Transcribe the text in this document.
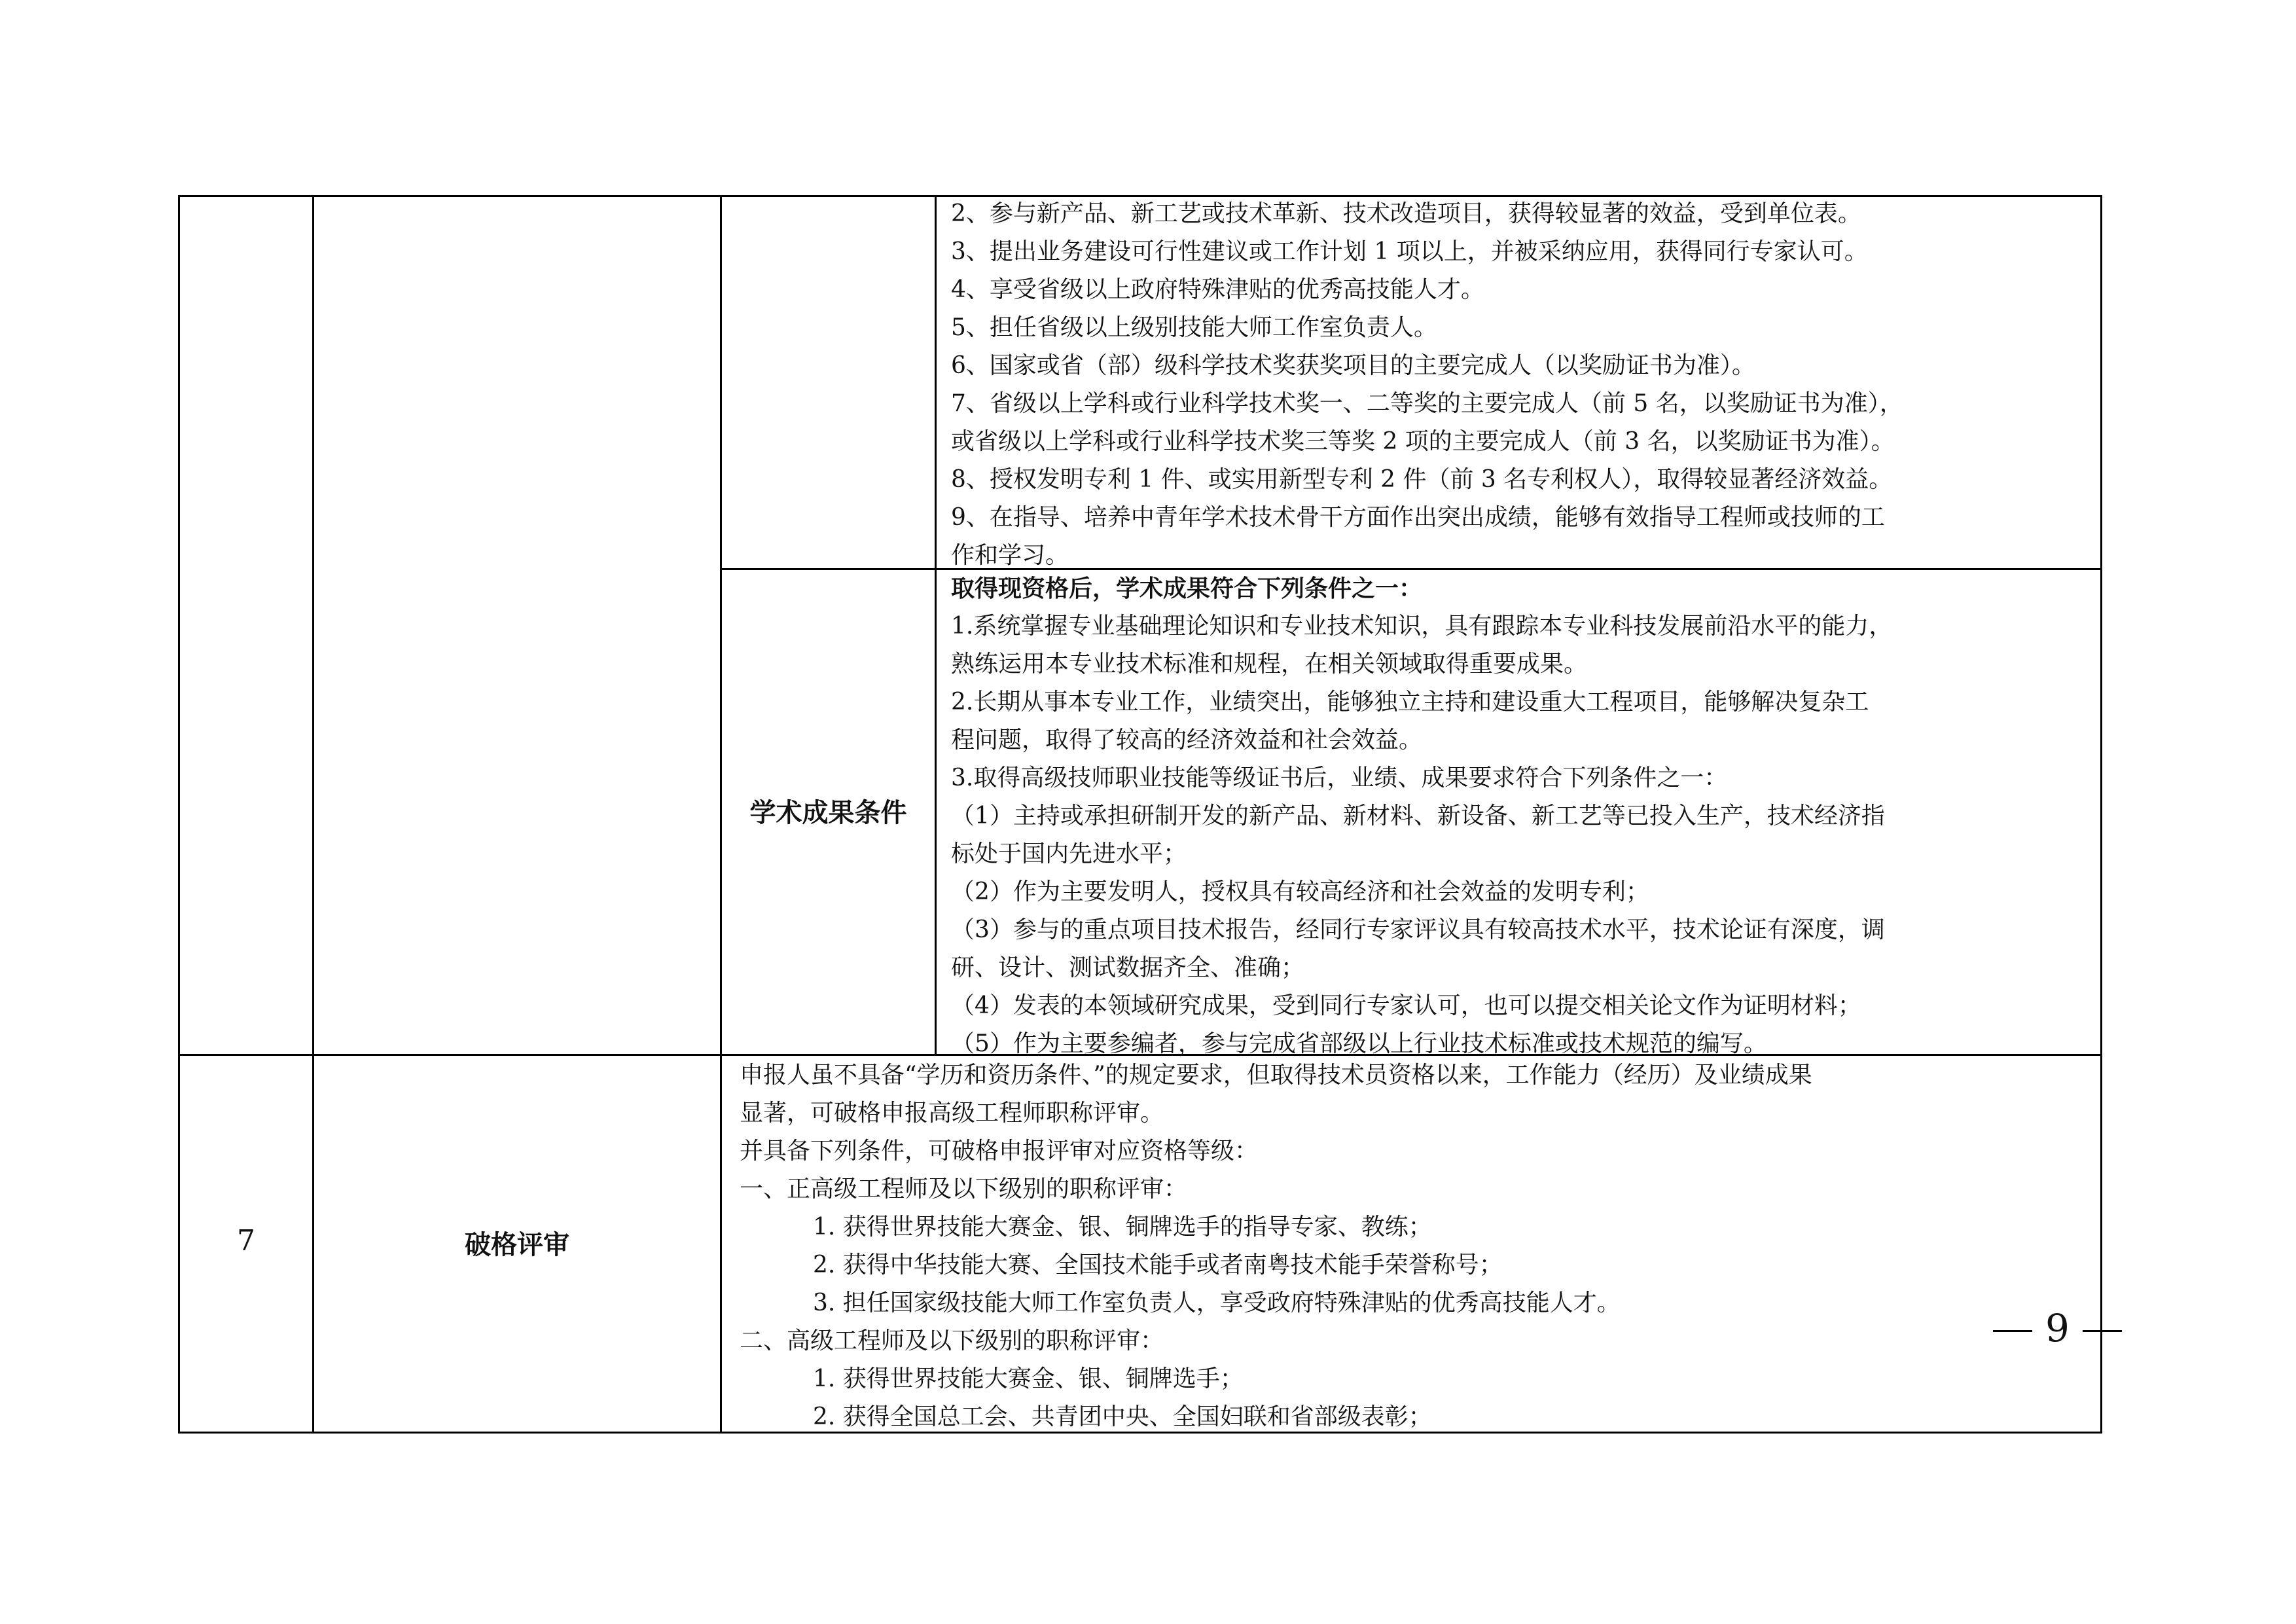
2、参与新产品、新工艺或技术革新、技术改造项目，获得较显著的效益，受到单位表。

3、提出业务建设可行性建议或工作计划 1 项以上，并被采纳应用，获得同行专家认可。

4、享受省级以上政府特殊津贴的优秀高技能人才。

5、担任省级以上级别技能大师工作室负责人。

6、国家或省（部）级科学技术奖获奖项目的主要完成人（以奖励证书为准）。

7、省级以上学科或行业科学技术奖一、二等奖的主要完成人（前 5 名，以奖励证书为准），

或省级以上学科或行业科学技术奖三等奖 2 项的主要完成人（前 3 名，以奖励证书为准）。

8、授权发明专利 1 件、或实用新型专利 2 件（前 3 名专利权人），取得较显著经济效益。

9、在指导、培养中青年学术技术骨干方面作出突出成绩，能够有效指导工程师或技师的工

作和学习。

学术成果条件

取得现资格后，学术成果符合下列条件之一：

1.系统掌握专业基础理论知识和专业技术知识，具有跟踪本专业科技发展前沿水平的能力，

熟练运用本专业技术标准和规程，在相关领域取得重要成果。

2.长期从事本专业工作，业绩突出，能够独立主持和建设重大工程项目，能够解决复杂工

程问题，取得了较高的经济效益和社会效益。

3.取得高级技师职业技能等级证书后，业绩、成果要求符合下列条件之一：

（1）主持或承担研制开发的新产品、新材料、新设备、新工艺等已投入生产，技术经济指

标处于国内先进水平；

（2）作为主要发明人，授权具有较高经济和社会效益的发明专利；

（3）参与的重点项目技术报告，经同行专家评议具有较高技术水平，技术论证有深度，调

研、设计、测试数据齐全、准确；

（4）发表的本领域研究成果，受到同行专家认可，也可以提交相关论文作为证明材料；

（5）作为主要参编者，参与完成省部级以上行业技术标准或技术规范的编写。

7	破格评审

申报人虽不具备“学历和资历条件、”的规定要求，但取得技术员资格以来，工作能力（经历）及业绩成果

显著，可破格申报高级工程师职称评审。

并具备下列条件，可破格申报评审对应资格等级：

一、正高级工程师及以下级别的职称评审：

1. 获得世界技能大赛金、银、铜牌选手的指导专家、教练；

2. 获得中华技能大赛、全国技术能手或者南粤技术能手荣誉称号；

3. 担任国家级技能大师工作室负责人，享受政府特殊津贴的优秀高技能人才。

二、高级工程师及以下级别的职称评审：

1. 获得世界技能大赛金、银、铜牌选手；

2. 获得全国总工会、共青团中央、全国妇联和省部级表彰；

9
